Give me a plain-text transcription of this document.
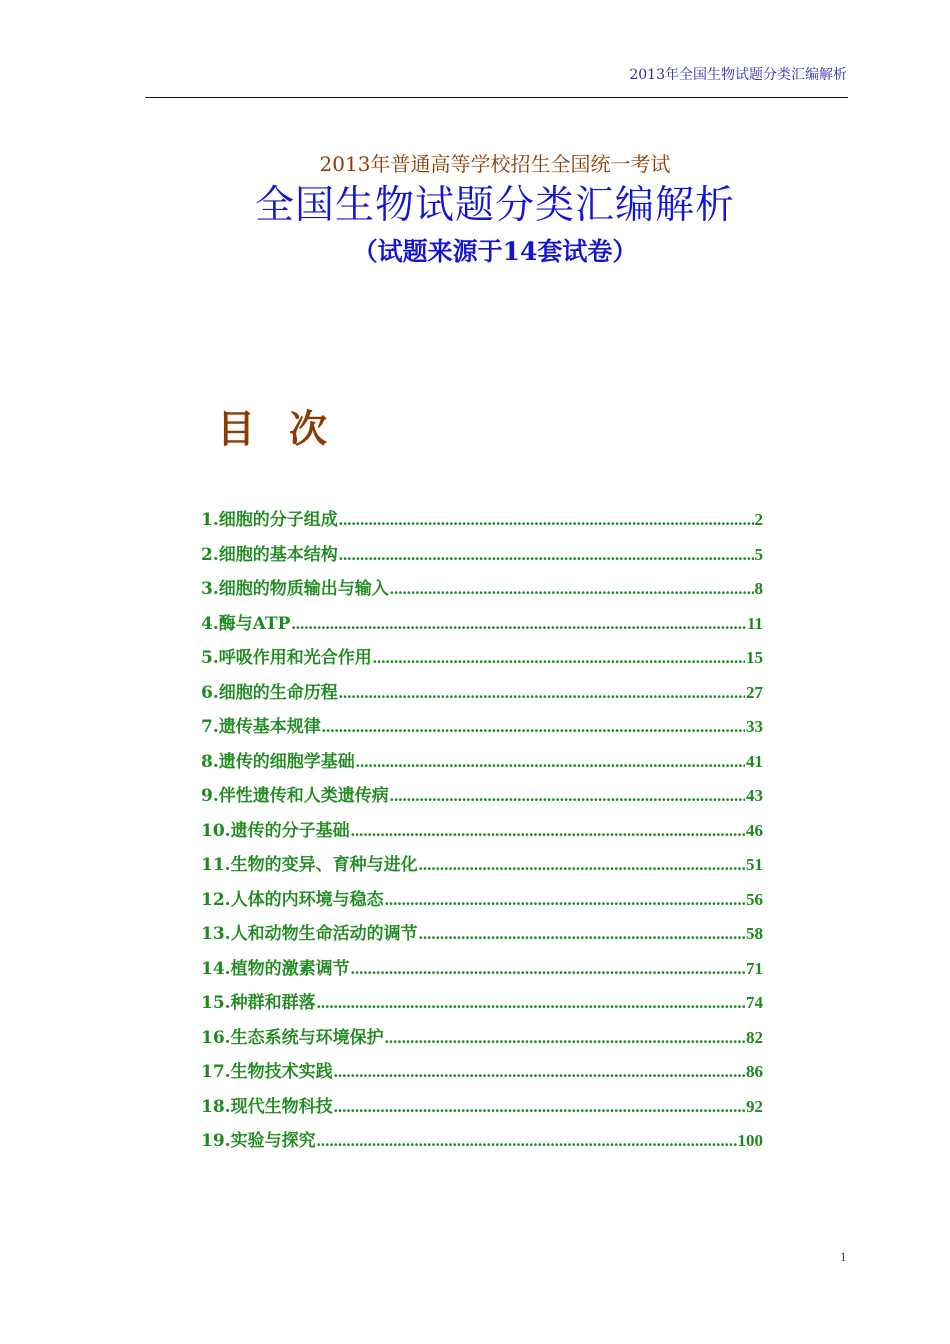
2013年全国生物试题分类汇编解析
2013年普通高等学校招生全国统一考试
全国生物试题分类汇编解析
（试题来源于14套试卷）
目次
1.细胞的分子组成 .....	2
2.细胞的基本结构 .....	5
3.细胞的物质输出与输入 .....	8
4.酶与ATP .....	11
5.呼吸作用和光合作用 .....	15
6.细胞的生命历程 .....	27
7.遗传基本规律 .....	33
8.遗传的细胞学基础 .....	41
9.伴性遗传和人类遗传病 .....	43
10.遗传的分子基础 .....	46
11.生物的变异、育种与进化 .....	51
12.人体的内环境与稳态 .....	56
13.人和动物生命活动的调节 .....	58
14.植物的激素调节 .....	71
15.种群和群落 .....	74
16.生态系统与环境保护 .....	82
17.生物技术实践 .....	86
18.现代生物科技 .....	92
19.实验与探究 .....	100
1
